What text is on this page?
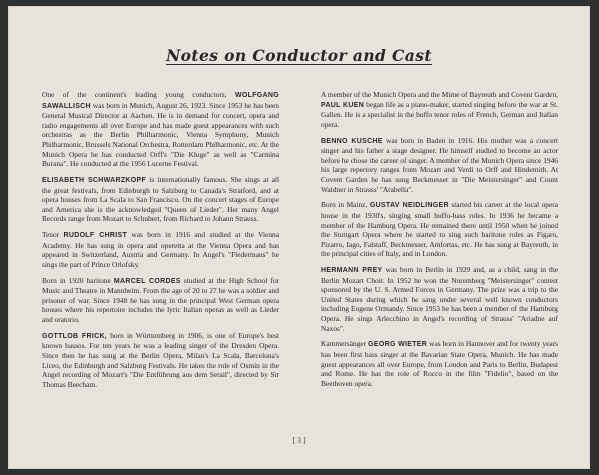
Notes on Conductor and Cast

One of the continent's leading young conductors, WOLFGANG SAWALLISCH was born in Munich, August 26, 1923. Since 1953 he has been General Musical Director at Aachen. He is in demand for concert, opera and radio engagements all over Europe and has made guest appearances with such orchestras as the Berlin Philharmonic, Vienna Symphony, Munich Philharmonic, Brussels National Orchestra, Rotterdam Philharmonic, etc. At the Munich Opera he has conducted Orff's "Die Kluge" as well as "Carmina Burana". He conducted at the 1956 Lucerne Festival.

ELISABETH SCHWARZKOPF is internationally famous. She sings at all the great festivals, from Edinburgh to Salzburg to Canada's Stratford, and at opera houses from La Scala to San Francisco. On the concert stages of Europe and America she is the acknowledged "Queen of Lieder". Her many Angel Records range from Mozart to Schubert, from Richard to Johann Strauss.

Tenor RUDOLF CHRIST was born in 1916 and studied at the Vienna Academy. He has sung in opera and operetta at the Vienna Opera and has appeared in Switzerland, Austria and Germany. In Angel's "Fledermaus" he sings the part of Prince Orlofsky.

Born in 1920 baritone MARCEL CORDES studied at the High School for Music and Theatre in Mannheim. From the age of 20 to 27 he was a soldier and prisoner of war. Since 1948 he has sung in the principal West German opera houses where his repertoire includes the lyric Italian operas as well as Lieder and oratorio.

GOTTLOB FRICK, born in Württemberg in 1906, is one of Europe's best known bassos. For ten years he was a leading singer of the Dresden Opera. Since then he has sung at the Berlin Opera, Milan's La Scala, Barcelona's Liceo, the Edinburgh and Salzburg Festivals. He takes the role of Osmin in the Angel recording of Mozart's "Die Entführung aus dem Serail", directed by Sir Thomas Beecham.

A member of the Munich Opera and the Mime of Bayreuth and Covent Garden, PAUL KUEN began life as a piano-maker, started singing before the war at St. Gallen. He is a specialist in the buffo tenor roles of French, German and Italian opera.

BENNO KUSCHE was born in Baden in 1916. His mother was a concert singer and his father a stage designer. He himself studied to become an actor before he chose the career of singer. A member of the Munich Opera since 1946 his large repertory ranges from Mozart and Verdi to Orff and Hindemith. At Covent Garden he has sung Beckmesser in "Die Meistersinger" and Count Waldner in Strauss' "Arabella".

Born in Mainz, GUSTAV NEIDLINGER started his career at the local opera house in the 1930's, singing small buffo-bass roles. In 1936 he became a member of the Hamburg Opera. He remained there until 1950 when he joined the Stuttgart Opera where he started to sing such baritone roles as Figaro, Pizarro, Iago, Falstaff, Beckmesser, Amfortas, etc. He has sung at Bayreuth, in the principal cities of Italy, and in London.

HERMANN PREY was born in Berlin in 1929 and, as a child, sang in the Berlin Mozart Choir. In 1952 he won the Nuremberg "Meistersinger" contest sponsored by the U. S. Armed Forces in Germany. The prize was a trip to the United States during which he sang under several well known conductors including Eugene Ormandy. Since 1953 he has been a member of the Hamburg Opera. He sings Arlecchino in Angel's recording of Strauss' "Ariadne auf Naxos".

Kammersänger GEORG WIETER was born in Hannover and for twenty years has been first bass singer at the Bavarian State Opera, Munich. He has made guest appearances all over Europe, from London and Paris to Berlin, Budapest and Rome. He has the role of Rocco in the film "Fidelio", based on the Beethoven opera.

[ 3 ]
